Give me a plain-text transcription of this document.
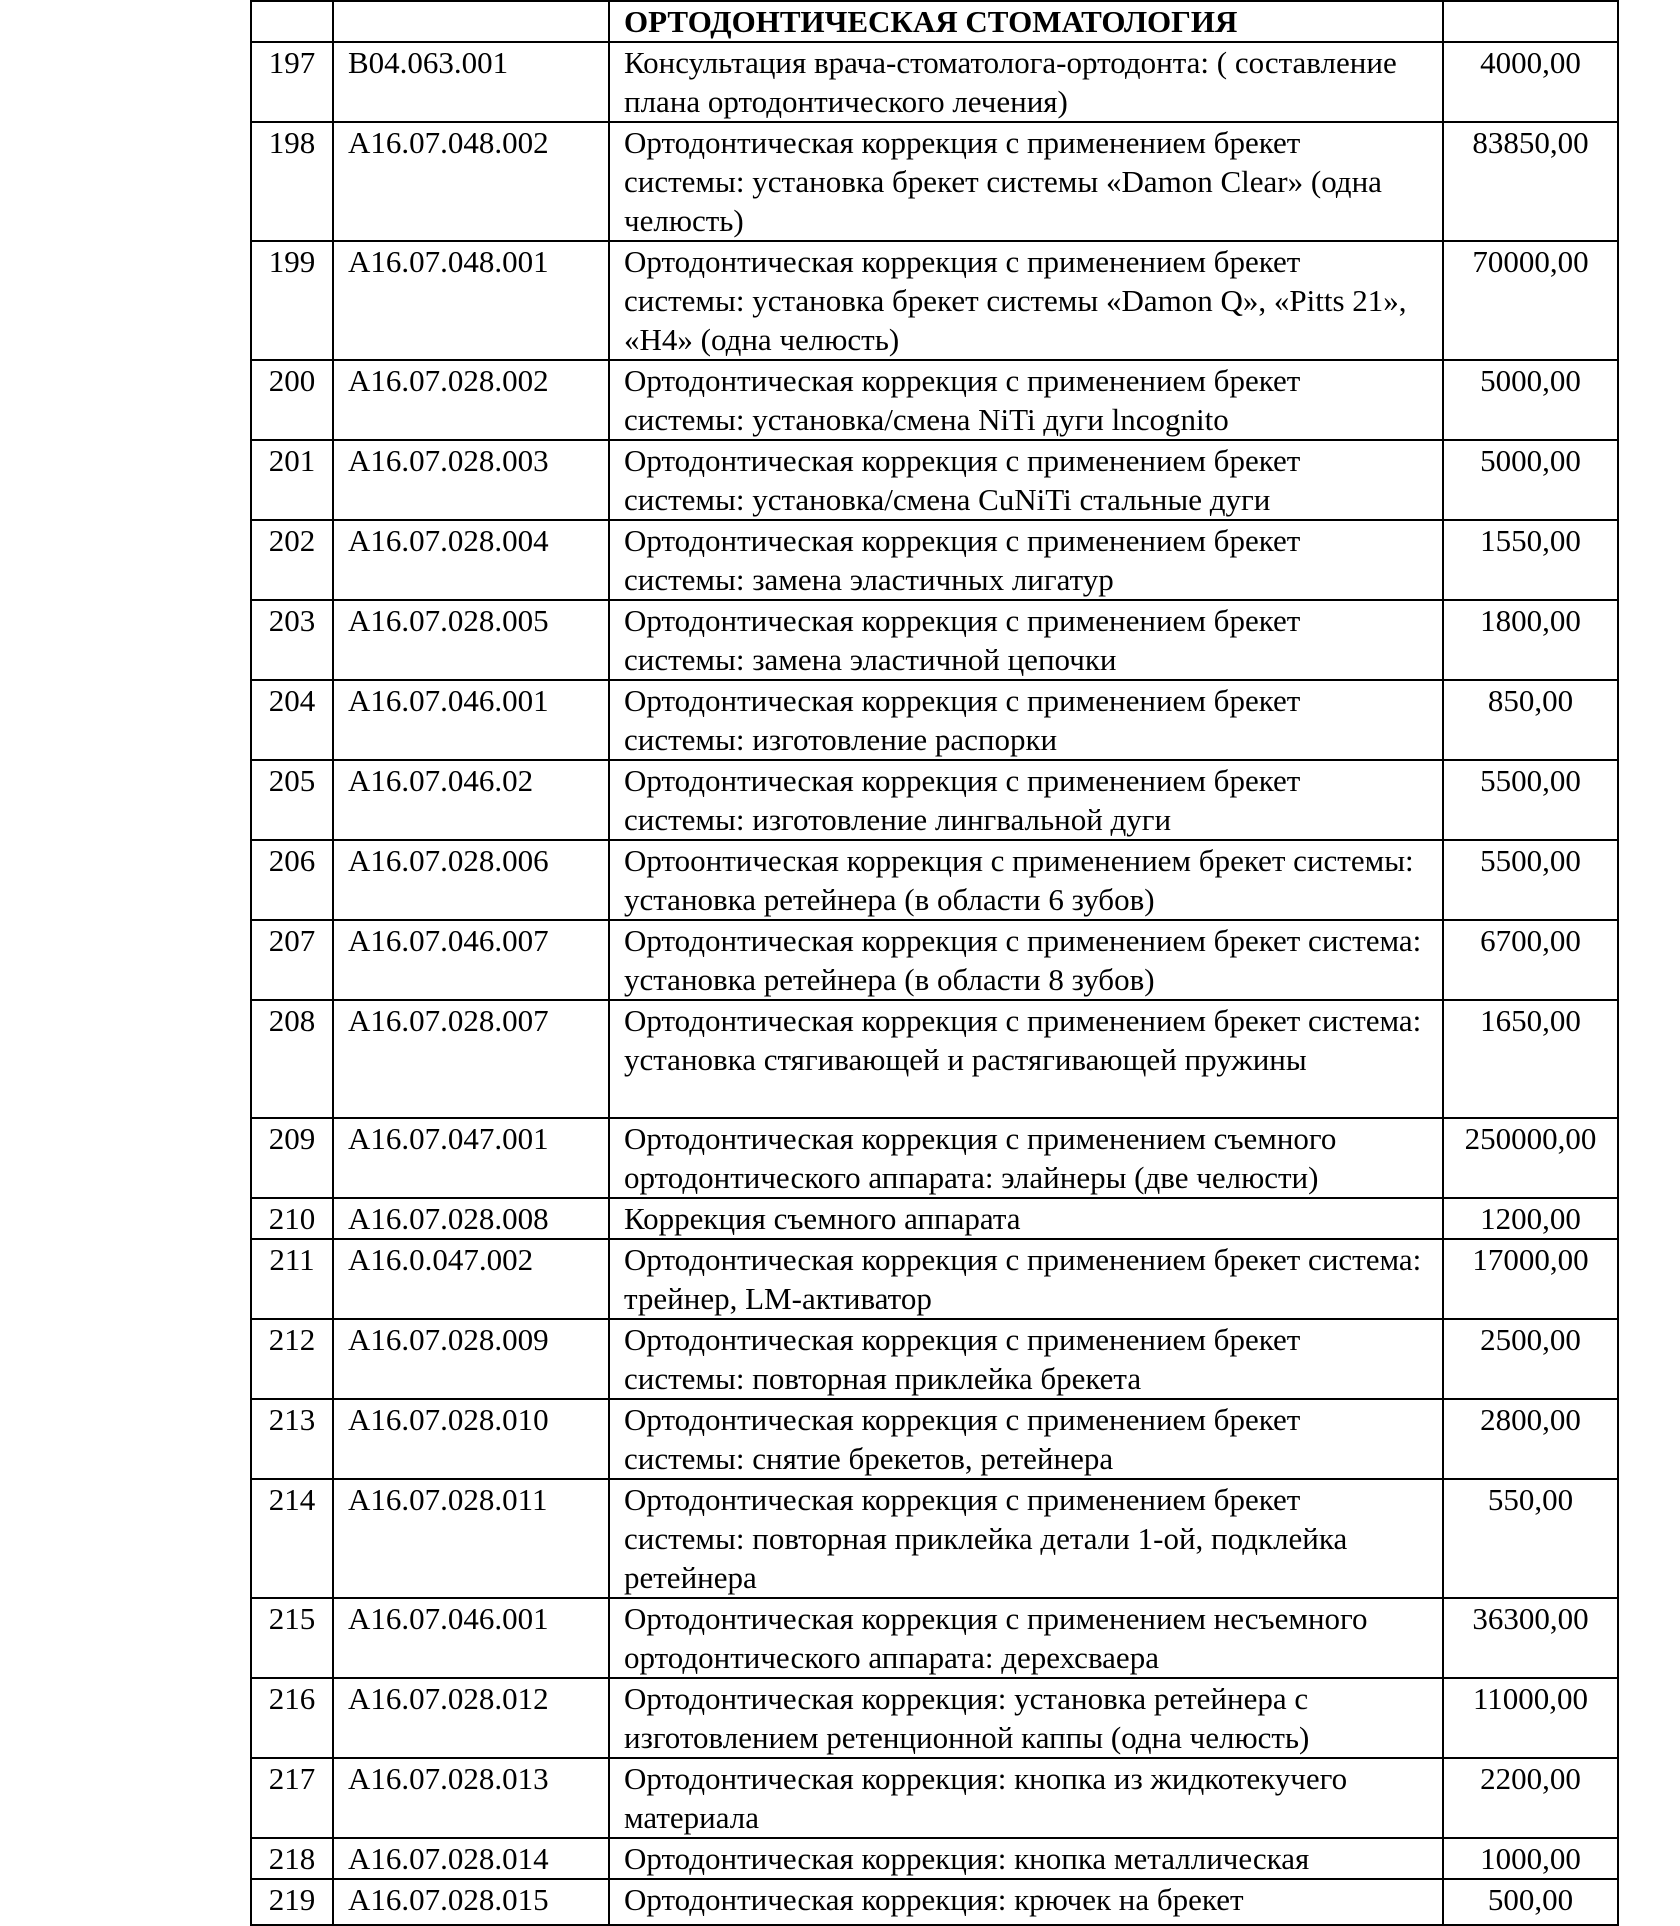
		ОРТОДОНТИЧЕСКАЯ СТОМАТОЛОГИЯ	
197	В04.063.001	Консультация врача-стоматолога-ортодонта: ( составление плана ортодонтического лечения)	4000,00
198	А16.07.048.002	Ортодонтическая коррекция с применением брекет системы: установка брекет системы «Damon Clear» (одна челюсть)	83850,00
199	А16.07.048.001	Ортодонтическая коррекция с применением брекет системы: установка брекет системы «Damon Q», «Pitts 21», «H4» (одна челюсть)	70000,00
200	А16.07.028.002	Ортодонтическая коррекция с применением брекет системы: установка/смена NiTi дуги lncognito	5000,00
201	А16.07.028.003	Ортодонтическая коррекция с применением брекет системы: установка/смена CuNiTi стальные дуги	5000,00
202	А16.07.028.004	Ортодонтическая коррекция с применением брекет системы: замена эластичных лигатур	1550,00
203	А16.07.028.005	Ортодонтическая коррекция с применением брекет системы: замена эластичной цепочки	1800,00
204	А16.07.046.001	Ортодонтическая коррекция с применением брекет системы: изготовление распорки	850,00
205	А16.07.046.02	Ортодонтическая коррекция с применением брекет системы: изготовление лингвальной дуги	5500,00
206	А16.07.028.006	Ортоонтическая коррекция с применением брекет системы: установка ретейнера (в области 6 зубов)	5500,00
207	А16.07.046.007	Ортодонтическая коррекция с применением брекет система: установка ретейнера (в области 8 зубов)	6700,00
208	А16.07.028.007	Ортодонтическая коррекция с применением брекет система: установка стягивающей и растягивающей пружины	1650,00
209	А16.07.047.001	Ортодонтическая коррекция с применением съемного ортодонтического аппарата: элайнеры (две челюсти)	250000,00
210	А16.07.028.008	Коррекция съемного аппарата	1200,00
211	А16.0.047.002	Ортодонтическая коррекция с применением брекет система: трейнер, LM-активатор	17000,00
212	А16.07.028.009	Ортодонтическая коррекция с применением брекет системы: повторная приклейка брекета	2500,00
213	А16.07.028.010	Ортодонтическая коррекция с применением брекет системы: снятие брекетов, ретейнера	2800,00
214	А16.07.028.011	Ортодонтическая коррекция с применением брекет системы: повторная приклейка детали 1-ой, подклейка ретейнера	550,00
215	А16.07.046.001	Ортодонтическая коррекция с применением несъемного ортодонтического аппарата: дерехсваера	36300,00
216	А16.07.028.012	Ортодонтическая коррекция: установка ретейнера с изготовлением ретенционной каппы (одна челюсть)	11000,00
217	А16.07.028.013	Ортодонтическая коррекция: кнопка из жидкотекучего материала	2200,00
218	А16.07.028.014	Ортодонтическая коррекция: кнопка металлическая	1000,00
219	А16.07.028.015	Ортодонтическая коррекция: крючек на брекет	500,00
